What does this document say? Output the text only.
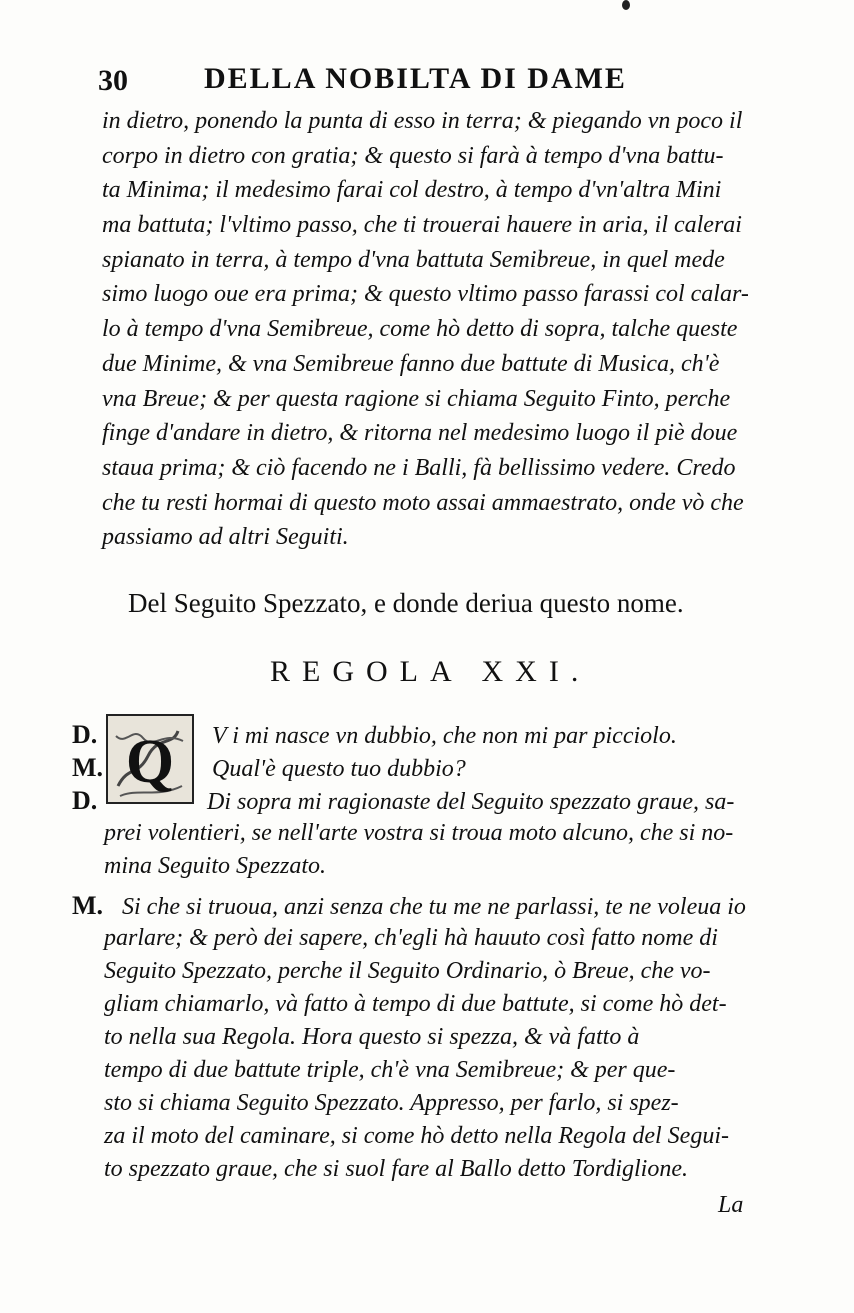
30	DELLA NOBILTA DI DAME
in dietro, ponendo la punta di esso in terra; & piegando vn poco il
corpo in dietro con gratia; & questo si farà à tempo d'vna battu-
ta Minima; il medesimo farai col destro, à tempo d'vn'altra Mini
ma battuta; l'vltimo passo, che ti trouerai hauere in aria, il calerai
spianato in terra, à tempo d'vna battuta Semibreue, in quel mede
simo luogo oue era prima; & questo vltimo passo farassi col calar-
lo à tempo d'vna Semibreue, come hò detto di sopra, talche queste
due Minime, & vna Semibreue fanno due battute di Musica, ch'è
vna Breue; & per questa ragione si chiama Seguito Finto, perche
finge d'andare in dietro, & ritorna nel medesimo luogo il piè doue
staua prima; & ciò facendo ne i Balli, fà bellissimo vedere. Credo
che tu resti hormai di questo moto assai ammaestrato, onde vò che
passiamo ad altri Seguiti.
Del Seguito Spezzato, e donde deriua questo nome.
REGOLA XXI.
Q
D.	V i mi nasce vn dubbio, che non mi par picciolo.
M.	Qual'è questo tuo dubbio?
D.	Di sopra mi ragionaste del Seguito spezzato graue, sa-
prei volentieri, se nell'arte vostra si troua moto alcuno, che si no-
mina Seguito Spezzato.
M. Si che si truoua, anzi senza che tu me ne parlassi, te ne voleua io
parlare; & però dei sapere, ch'egli hà hauuto così fatto nome di
Seguito Spezzato, perche il Seguito Ordinario, ò Breue, che vo-
gliam chiamarlo, và fatto à tempo di due battute, si come hò det-
to nella sua Regola. Hora questo si spezza, & và fatto à
tempo di due battute triple, ch'è vna Semibreue; & per que-
sto si chiama Seguito Spezzato. Appresso, per farlo, si spez-
za il moto del caminare, si come hò detto nella Regola del Segui-
to spezzato graue, che si suol fare al Ballo detto Tordiglione.
La
